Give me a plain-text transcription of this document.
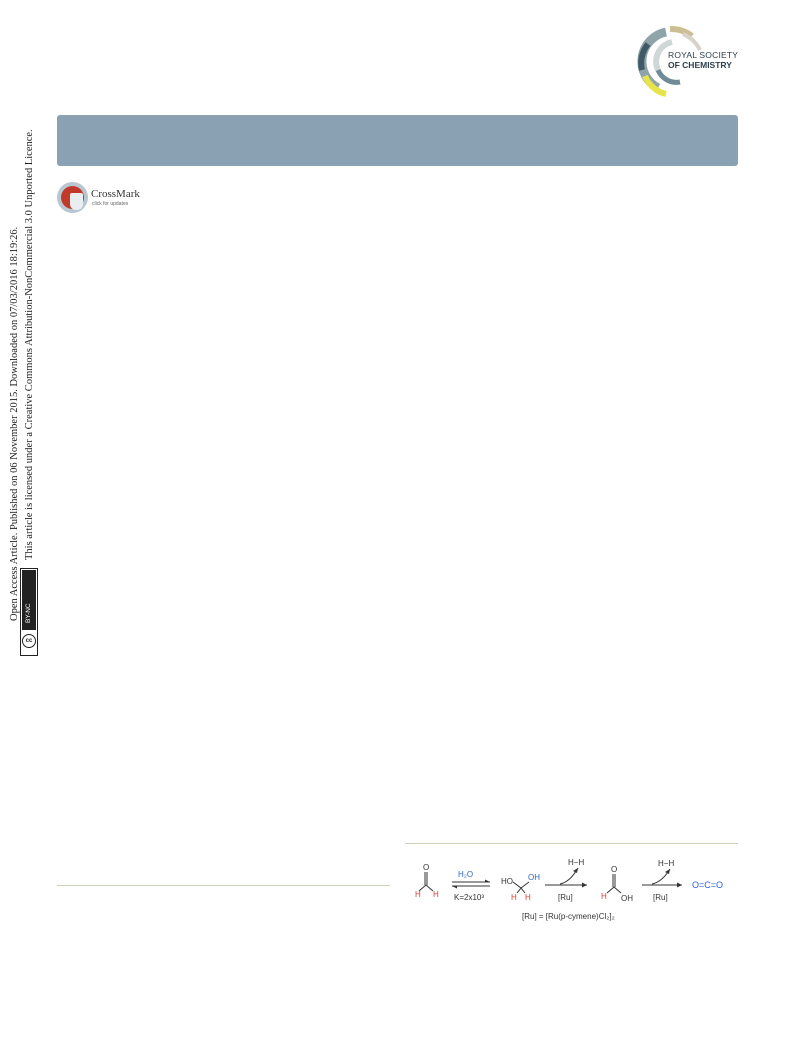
ROYAL SOCIETY
OF CHEMISTRY
CrossMark
click for updates
Open Access Article. Published on 06 November 2015. Downloaded on 07/03/2016 18:19:26. This article is licensed under a Creative Commons Attribution-NonCommercial 3.0 Unported Licence.
BY-NC
cc
O
H H
H₂O
K=2x10³
HO OH
H H
H−H
[Ru]
O
H OH
H−H
[Ru]
O=C=O
[Ru] = [Ru(p-cymene)Cl₂]₂
